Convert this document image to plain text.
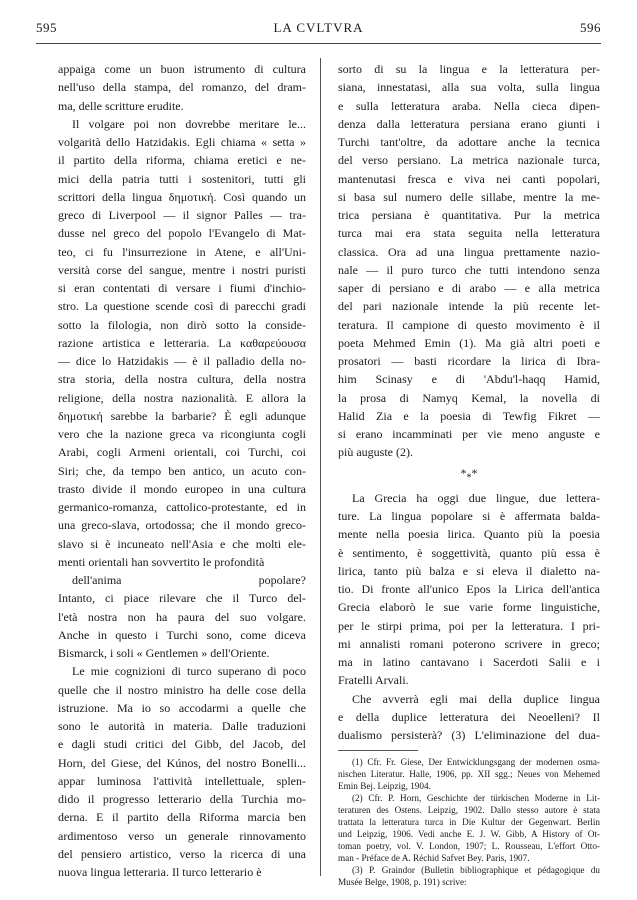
595	LA CVLTVRA	596
appaiga come un buon istrumento di cultura
nell'uso della stampa, del romanzo, del dram-
ma, delle scritture erudite.
Il volgare poi non dovrebbe meritare le...
volgarità dello Hatzidakis. Egli chiama « setta »
il partito della riforma, chiama eretici e ne-
mici della patria tutti i sostenitori, tutti gli
scrittori della lingua δημοτική. Così quando un
greco di Liverpool — il signor Palles — tra-
dusse nel greco del popolo l'Evangelo di Mat-
teo, ci fu l'insurrezione in Atene, e all'Uni-
versità corse del sangue, mentre i nostri puristi
si eran contentati di versare i fiumi d'inchio-
stro. La questione scende così di parecchi gradi
sotto la filologia, non dirò sotto la conside-
razione artistica e letteraria. La καθαρεύουσα
— dice lo Hatzidakis — è il palladio della no-
stra storia, della nostra cultura, della nostra
religione, della nostra nazionalità. E allora la
δημοτική sarebbe la barbarie? È egli adunque
vero che la nazione greca va ricongiunta cogli
Arabi, cogli Armeni orientali, coi Turchi, coi
Siri; che, da tempo ben antico, un acuto con-
trasto divide il mondo europeo in una cultura
germanico-romanza, cattolico-protestante, ed in
una greco-slava, ortodossa; che il mondo greco-
slavo si è incuneato nell'Asia e che molti ele-
menti orientali han sovvertito le profondità
dell'anima popolare?
Intanto, ci piace rilevare che il Turco del-
l'età nostra non ha paura del suo volgare.
Anche in questo i Turchi sono, come diceva
Bismarck, i soli « Gentlemen » dell'Oriente.
Le mie cognizioni di turco superano di poco
quelle che il nostro ministro ha delle cose della
istruzione. Ma io so accodarmi a quelle che
sono le autorità in materia. Dalle traduzioni
e dagli studi critici del Gibb, del Jacob, del
Horn, del Giese, del Kúnos, del nostro Bonelli...
appar luminosa l'attività intellettuale, splen-
dido il progresso letterario della Turchia mo-
derna. E il partito della Riforma marcia ben
ardimentoso verso un generale rinnovamento
del pensiero artistico, verso la ricerca di una
nuova lingua letteraria. Il turco letterario è
sorto di su la lingua e la letteratura per-
siana, innestatasi, alla sua volta, sulla lingua
e sulla letteratura araba. Nella cieca dipen-
denza dalla letteratura persiana erano giunti i
Turchi tant'oltre, da adottare anche la tecnica
del verso persiano. La metrica nazionale turca,
mantenutasi fresca e viva nei canti popolari,
si basa sul numero delle sillabe, mentre la me-
trica persiana è quantitativa. Pur la metrica
turca mai era stata seguita nella letteratura
classica. Ora ad una lingua prettamente nazio-
nale — il puro turco che tutti intendono senza
saper di persiano e di arabo — e alla metrica
del pari nazionale intende la più recente let-
teratura. Il campione di questo movimento è il
poeta Mehmed Emin (1). Ma già altri poeti e
prosatori — basti ricordare la lirica di Ibra-
him Scinasy e di 'Abdu'l-haqq Hamid,
la prosa di Namyq Kemal, la novella di
Halid Zia e la poesia di Tewfig Fikret —
si erano incamminati per vie meno anguste e
più auguste (2).
$*_**$
La Grecia ha oggi due lingue, due lettera-
ture. La lingua popolare si è affermata balda-
mente nella poesia lirica. Quanto più la poesia
è sentimento, è soggettività, quanto più essa è
lirica, tanto più balza e si eleva il dialetto na-
tio. Di fronte all'unico Epos la Lirica dell'antica
Grecia elaborò le sue varie forme linguistiche,
per le stirpi prima, poi per la letteratura. I pri-
mi annalisti romani poterono scrivere in greco;
ma in latino cantavano i Sacerdoti Salii e i
Fratelli Arvali.
Che avverrà egli mai della duplice lingua
e della duplice letteratura dei Neoelleni? Il
dualismo persisterà? (3) L'eliminazione del dua-
(1) Cfr. Fr. Giese, Der Entwicklungsgang der modernen osma-
nischen Literatur. Halle, 1906, pp. XII sgg.; Neues von Mehemed
Emin Bej. Leipzig, 1904.
(2) Cfr. P. Horn, Geschichte der türkischen Moderne in Lit-
teraturen des Ostens. Leipzig, 1902. Dallo stesso autore è stata
trattata la letteratura turca in Die Kultur der Gegenwart. Berlin
und Leipzig, 1906. Vedi anche E. J. W. Gibb, A History of Ot-
toman poetry, vol. V. London, 1907; L. Rousseau, L'effort Otto-
man - Préface de A. Réchid Safvet Bey. Paris, 1907.
(3) P. Graindor (Bulletin bibliographique et pédagogique du
Musée Belge, 1908, p. 191) scrive:
